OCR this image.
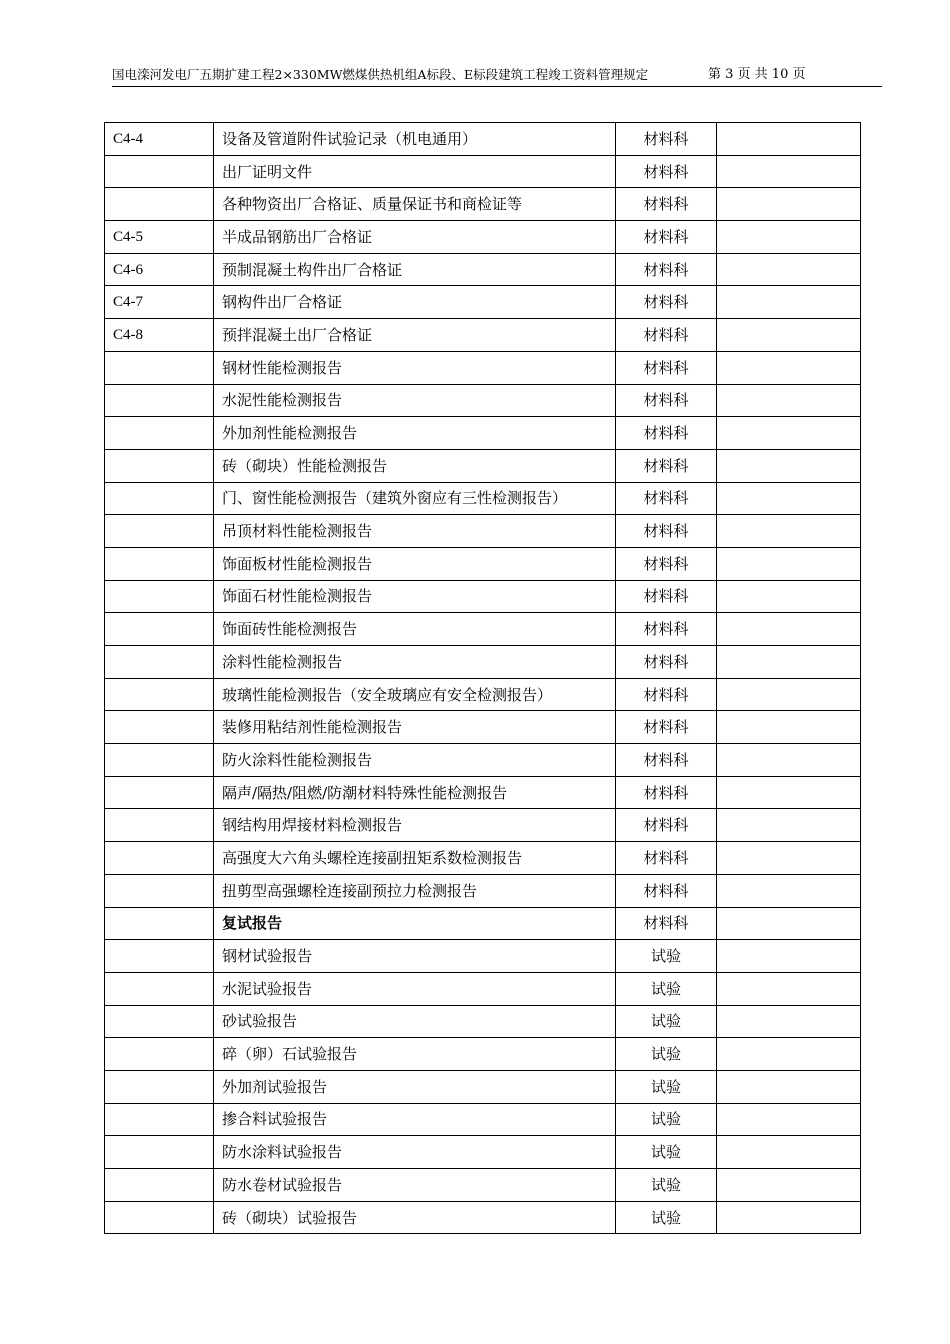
国电滦河发电厂五期扩建工程2×330MW燃煤供热机组A标段、E标段建筑工程竣工资料管理规定	第 3 页 共 10 页
C4-4	设备及管道附件试验记录（机电通用）	材料科	
	出厂证明文件	材料科	
	各种物资出厂合格证、质量保证书和商检证等	材料科	
C4-5	半成品钢筋出厂合格证	材料科	
C4-6	预制混凝土构件出厂合格证	材料科	
C4-7	钢构件出厂合格证	材料科	
C4-8	预拌混凝土出厂合格证	材料科	
	钢材性能检测报告	材料科	
	水泥性能检测报告	材料科	
	外加剂性能检测报告	材料科	
	砖（砌块）性能检测报告	材料科	
	门、窗性能检测报告（建筑外窗应有三性检测报告）	材料科	
	吊顶材料性能检测报告	材料科	
	饰面板材性能检测报告	材料科	
	饰面石材性能检测报告	材料科	
	饰面砖性能检测报告	材料科	
	涂料性能检测报告	材料科	
	玻璃性能检测报告（安全玻璃应有安全检测报告）	材料科	
	装修用粘结剂性能检测报告	材料科	
	防火涂料性能检测报告	材料科	
	隔声/隔热/阻燃/防潮材料特殊性能检测报告	材料科	
	钢结构用焊接材料检测报告	材料科	
	高强度大六角头螺栓连接副扭矩系数检测报告	材料科	
	扭剪型高强螺栓连接副预拉力检测报告	材料科	
	复试报告	材料科	
	钢材试验报告	试验	
	水泥试验报告	试验	
	砂试验报告	试验	
	碎（卵）石试验报告	试验	
	外加剂试验报告	试验	
	掺合料试验报告	试验	
	防水涂料试验报告	试验	
	防水卷材试验报告	试验	
	砖（砌块）试验报告	试验	
